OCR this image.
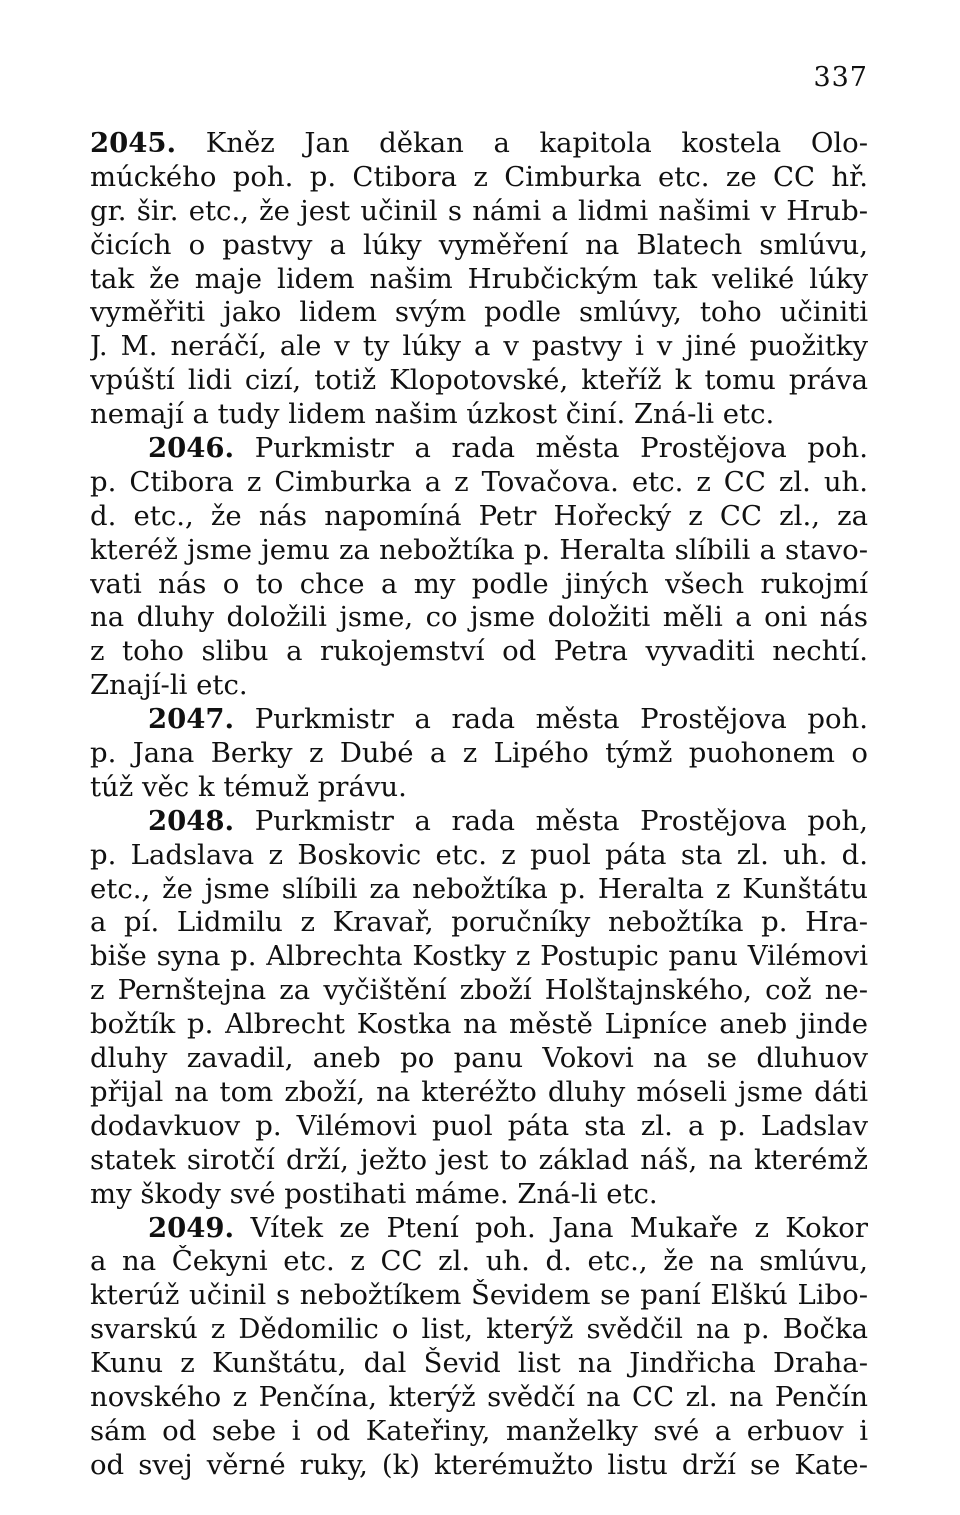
337
2045. Kněz Jan děkan a kapitola kostela Olo-
múckého poh. p. Ctibora z Cimburka etc. ze CC hř.
gr. šir. etc., že jest učinil s námi a lidmi našimi v Hrub-
čicích o pastvy a lúky vyměření na Blatech smlúvu,
tak že maje lidem našim Hrubčickým tak veliké lúky
vyměřiti jako lidem svým podle smlúvy, toho učiniti
J. M. neráčí, ale v ty lúky a v pastvy i v jiné puožitky
vpúští lidi cizí, totiž Klopotovské, kteříž k tomu práva
nemají a tudy lidem našim úzkost činí. Zná-li etc.
2046. Purkmistr a rada města Prostějova poh.
p. Ctibora z Cimburka a z Tovačova. etc. z CC zl. uh.
d. etc., že nás napomíná Petr Hořecký z CC zl., za
kteréž jsme jemu za nebožtíka p. Heralta slíbili a stavo-
vati nás o to chce a my podle jiných všech rukojmí
na dluhy doložili jsme, co jsme doložiti měli a oni nás
z toho slibu a rukojemství od Petra vyvaditi nechtí.
Znají-li etc.
2047. Purkmistr a rada města Prostějova poh.
p. Jana Berky z Dubé a z Lipého týmž puohonem o
túž věc k témuž právu.
2048. Purkmistr a rada města Prostějova poh,
p. Ladslava z Boskovic etc. z puol páta sta zl. uh. d.
etc., že jsme slíbili za nebožtíka p. Heralta z Kunštátu
a pí. Lidmilu z Kravař, poručníky nebožtíka p. Hra-
biše syna p. Albrechta Kostky z Postupic panu Vilémovi
z Pernštejna za vyčištění zboží Holštajnského, což ne-
božtík p. Albrecht Kostka na městě Lipníce aneb jinde
dluhy zavadil, aneb po panu Vokovi na se dluhuov
přijal na tom zboží, na kteréžto dluhy móseli jsme dáti
dodavkuov p. Vilémovi puol páta sta zl. a p. Ladslav
statek sirotčí drží, ježto jest to základ náš, na kterémž
my škody své postihati máme. Zná-li etc.
2049. Vítek ze Ptení poh. Jana Mukaře z Kokor
a na Čekyni etc. z CC zl. uh. d. etc., že na smlúvu,
kterúž učinil s nebožtíkem Ševidem se paní Elškú Libo-
svarskú z Dědomilic o list, kterýž svědčil na p. Bočka
Kunu z Kunštátu, dal Ševid list na Jindřicha Draha-
novského z Penčína, kterýž svědčí na CC zl. na Penčín
sám od sebe i od Kateřiny, manželky své a erbuov i
od svej věrné ruky, (k) kterémužto listu drží se Kate-
